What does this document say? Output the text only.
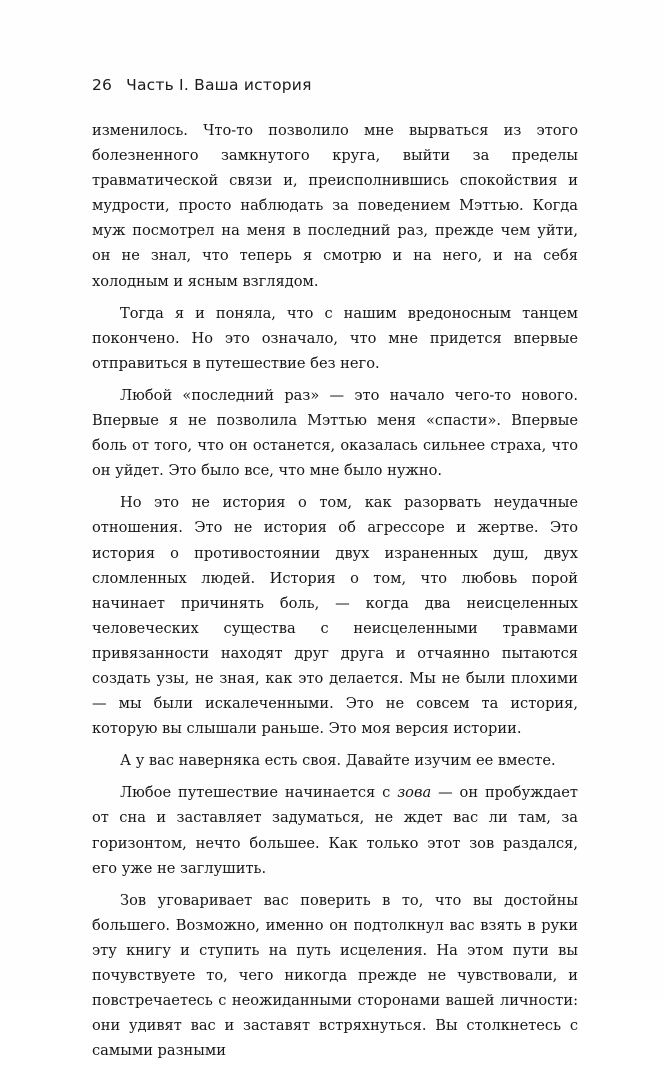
26 Часть I. Ваша история

изменилось. Что-то позволило мне вырваться из этого болезненного замкнутого круга, выйти за пределы травматической связи и, преисполнившись спокойствия и мудрости, просто наблюдать за поведением Мэттью. Когда муж посмотрел на меня в последний раз, прежде чем уйти, он не знал, что теперь я смотрю и на него, и на себя холодным и ясным взглядом.

Тогда я и поняла, что с нашим вредоносным танцем покончено. Но это означало, что мне придется впервые отправиться в путешествие без него.

Любой «последний раз» — это начало чего-то нового. Впервые я не позволила Мэттью меня «спасти». Впервые боль от того, что он останется, оказалась сильнее страха, что он уйдет. Это было все, что мне было нужно.

Но это не история о том, как разорвать неудачные отношения. Это не история об агрессоре и жертве. Это история о противостоянии двух израненных душ, двух сломленных людей. История о том, что любовь порой начинает причинять боль, — когда два неисцеленных человеческих существа с неисцеленными травмами привязанности находят друг друга и отчаянно пытаются создать узы, не зная, как это делается. Мы не были плохими — мы были искалеченными. Это не совсем та история, которую вы слышали раньше. Это моя версия истории.

А у вас наверняка есть своя. Давайте изучим ее вместе.

Любое путешествие начинается с зова — он пробуждает от сна и заставляет задуматься, не ждет вас ли там, за горизонтом, нечто большее. Как только этот зов раздался, его уже не заглушить.

Зов уговаривает вас поверить в то, что вы достойны большего. Возможно, именно он подтолкнул вас взять в руки эту книгу и ступить на путь исцеления. На этом пути вы почувствуете то, чего никогда прежде не чувствовали, и повстречаетесь с неожиданными сторонами вашей личности: они удивят вас и заставят встряхнуться. Вы столкнетесь с самыми разными
